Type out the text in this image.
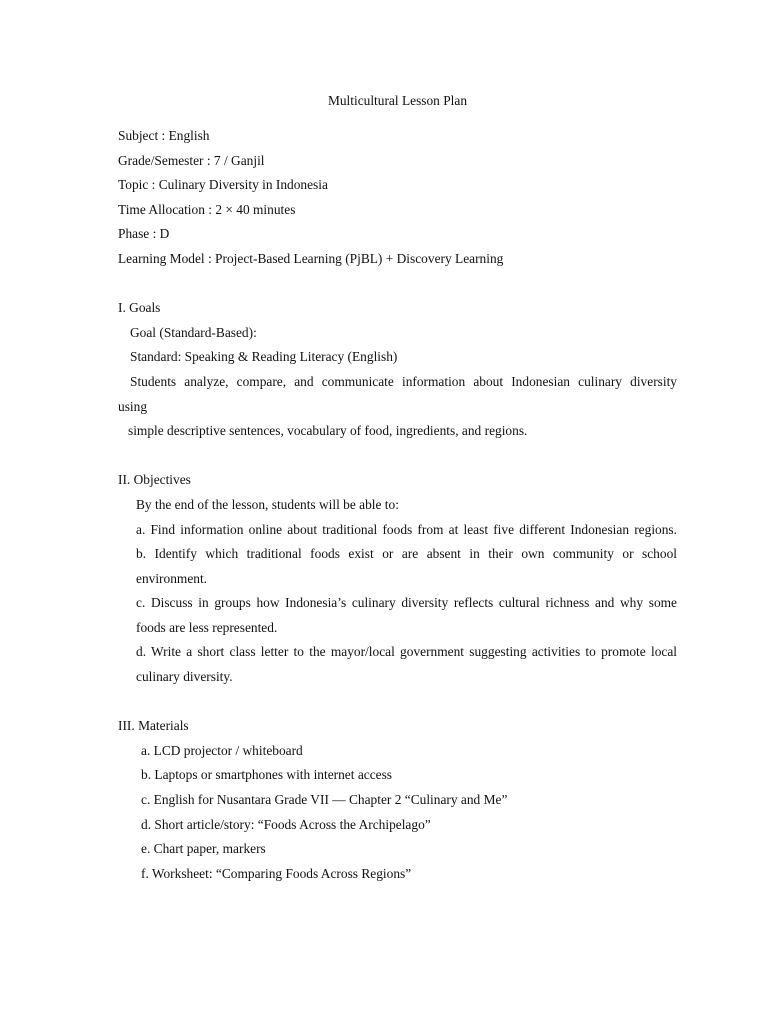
Multicultural Lesson Plan
Subject : English
Grade/Semester : 7 / Ganjil
Topic : Culinary Diversity in Indonesia
Time Allocation : 2 × 40 minutes
Phase : D
Learning Model : Project-Based Learning (PjBL) + Discovery Learning
I. Goals
Goal (Standard-Based):
Standard: Speaking & Reading Literacy (English)
Students analyze, compare, and communicate information about Indonesian culinary diversity
using
simple descriptive sentences, vocabulary of food, ingredients, and regions.
II. Objectives
By the end of the lesson, students will be able to:
a. Find information online about traditional foods from at least five different Indonesian regions.
b. Identify which traditional foods exist or are absent in their own community or school
environment.
c. Discuss in groups how Indonesia’s culinary diversity reflects cultural richness and why some
foods are less represented.
d. Write a short class letter to the mayor/local government suggesting activities to promote local
culinary diversity.
III. Materials
a. LCD projector / whiteboard
b. Laptops or smartphones with internet access
c. English for Nusantara Grade VII — Chapter 2 “Culinary and Me”
d. Short article/story: “Foods Across the Archipelago”
e. Chart paper, markers
f. Worksheet: “Comparing Foods Across Regions”
